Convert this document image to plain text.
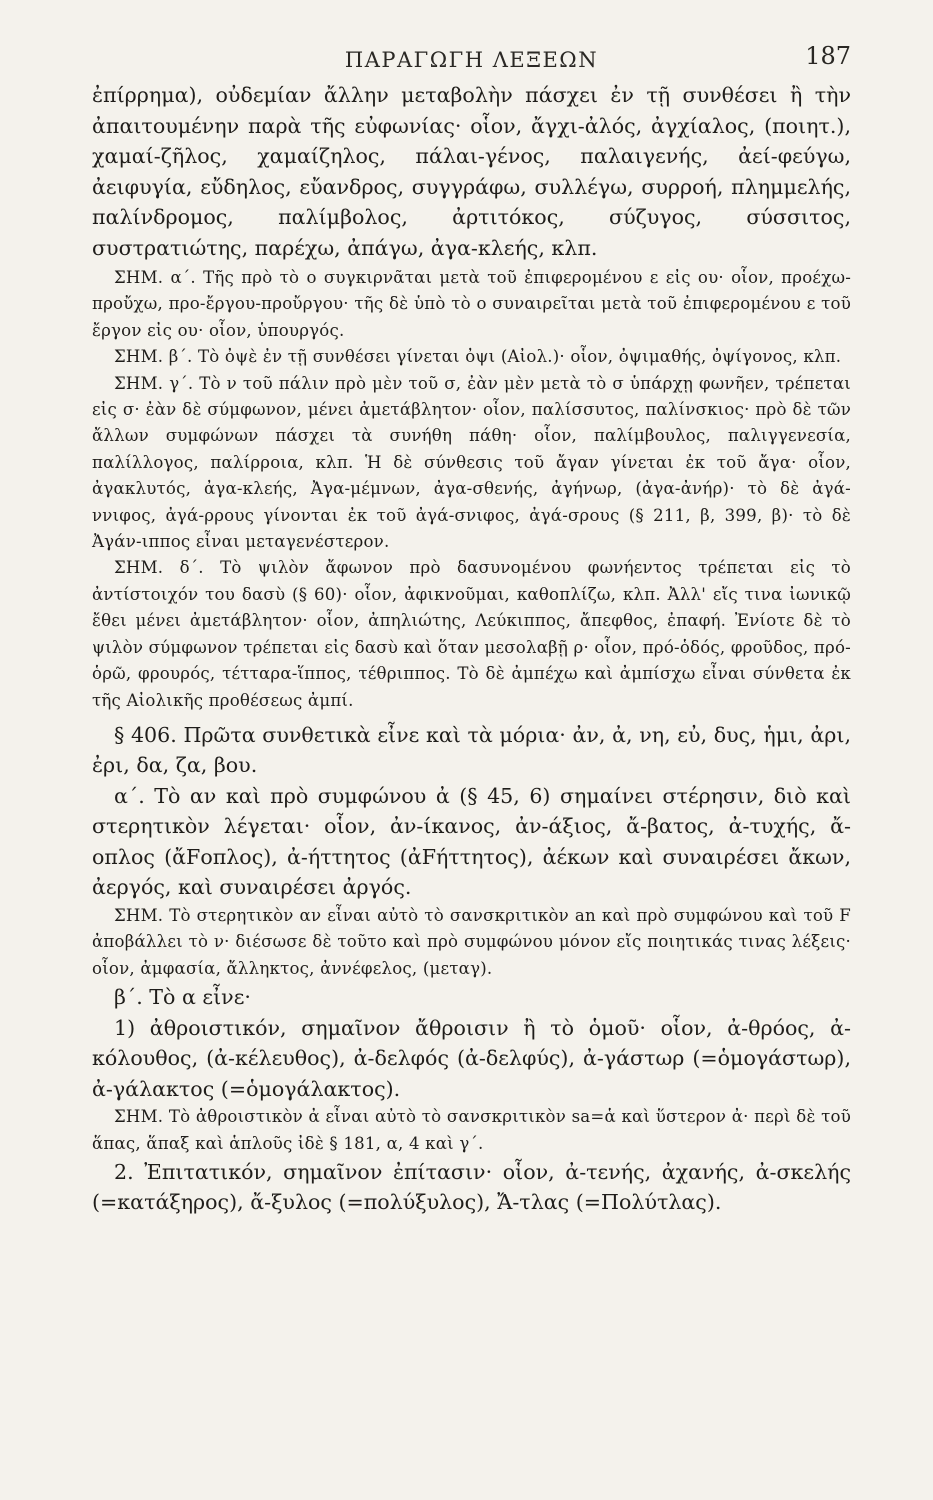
ΠΑΡΑΓΩΓΗ ΛΕΞΕΩΝ	187

ἐπίρρημα), οὐδεμίαν ἄλλην μεταβολὴν πάσχει ἐν τῇ συνθέσει ἢ τὴν ἀπαιτουμένην παρὰ τῆς εὐφωνίας· οἷον, ἄγχι-ἀλός, ἀγχίαλος, (ποιητ.), χαμαί-ζῆλος, χαμαίζηλος, πάλαι-γένος, παλαιγενής, ἀεί-φεύγω, ἀειφυγία, εὔδηλος, εὔανδρος, συγγράφω, συλλέγω, συρροή, πλημμελής, παλίνδρομος, παλίμβολος, ἀρτιτόκος, σύζυγος, σύσσιτος, συστρατιώτης, παρέχω, ἀπάγω, ἀγα-κλεής, κλπ.

ΣΗΜ. α΄. Τῆς πρὸ τὸ ο συγκιρνᾶται μετὰ τοῦ ἐπιφερομένου ε εἰς ου· οἷον, προέχω-προὔχω, προ-ἔργου-προὔργου· τῆς δὲ ὑπὸ τὸ ο συναιρεῖται μετὰ τοῦ ἐπιφερομένου ε τοῦ ἔργον εἰς ου· οἷον, ὑπουργός.

ΣΗΜ. β΄. Τὸ ὀψὲ ἐν τῇ συνθέσει γίνεται ὀψι (Αἰολ.)· οἷον, ὀψιμαθής, ὀψίγονος, κλπ.

ΣΗΜ. γ΄. Τὸ ν τοῦ πάλιν πρὸ μὲν τοῦ σ, ἐὰν μὲν μετὰ τὸ σ ὑπάρχῃ φωνῆεν, τρέπεται εἰς σ· ἐὰν δὲ σύμφωνον, μένει ἀμετάβλητον· οἷον, παλίσσυτος, παλίνσκιος· πρὸ δὲ τῶν ἄλλων συμφώνων πάσχει τὰ συνήθη πάθη· οἷον, παλίμβουλος, παλιγγενεσία, παλίλλογος, παλίρροια, κλπ. Ἡ δὲ σύνθεσις τοῦ ἄγαν γίνεται ἐκ τοῦ ἄγα· οἷον, ἀγακλυτός, ἀγα-κλεής, Ἀγα-μέμνων, ἀγα-σθενής, ἀγήνωρ, (ἀγα-ἀνήρ)· τὸ δὲ ἀγά-ννιφος, ἀγά-ρρους γίνονται ἐκ τοῦ ἀγά-σνιφος, ἀγά-σρους (§ 211, β, 399, β)· τὸ δὲ Ἀγάν-ιππος εἶναι μεταγενέστερον.

ΣΗΜ. δ΄. Τὸ ψιλὸν ἄφωνον πρὸ δασυνομένου φωνήεντος τρέπεται εἰς τὸ ἀντίστοιχόν του δασὺ (§ 60)· οἷον, ἀφικνοῦμαι, καθοπλίζω, κλπ. Ἀλλ' εἴς τινα ἰωνικῷ ἔθει μένει ἀμετάβλητον· οἷον, ἀπηλιώτης, Λεύκιππος, ἄπεφθος, ἐπαφή. Ἐνίοτε δὲ τὸ ψιλὸν σύμφωνον τρέπεται εἰς δασὺ καὶ ὅταν μεσολαβῇ ρ· οἷον, πρό-ὁδός, φροῦδος, πρό-ὁρῶ, φρουρός, τέτταρα-ἵππος, τέθριππος. Τὸ δὲ ἀμπέχω καὶ ἀμπίσχω εἶναι σύνθετα ἐκ τῆς Αἰολικῆς προθέσεως ἀμπί.

§ 406. Πρῶτα συνθετικὰ εἶνε καὶ τὰ μόρια· ἀν, ἀ, νη, εὐ, δυς, ἡμι, ἀρι, ἐρι, δα, ζα, βου.

α΄. Τὸ αν καὶ πρὸ συμφώνου ἀ (§ 45, 6) σημαίνει στέρησιν, διὸ καὶ στερητικὸν λέγεται· οἷον, ἀν-ίκανος, ἀν-άξιος, ἄ-βατος, ἀ-τυχής, ἄ-οπλος (ἄFοπλος), ἀ-ήττητος (ἀFήττητος), ἀέκων καὶ συναιρέσει ἄκων, ἀεργός, καὶ συναιρέσει ἀργός.

ΣΗΜ. Τὸ στερητικὸν αν εἶναι αὐτὸ τὸ σανσκριτικὸν an καὶ πρὸ συμφώνου καὶ τοῦ F ἀποβάλλει τὸ ν· διέσωσε δὲ τοῦτο καὶ πρὸ συμφώνου μόνον εἴς ποιητικάς τινας λέξεις· οἷον, ἀμφασία, ἄλληκτος, ἀννέφελος, (μεταγ).

β΄. Τὸ α εἶνε·

1) ἀθροιστικόν, σημαῖνον ἄθροισιν ἢ τὸ ὁμοῦ· οἷον, ἀ-θρόος, ἀ-κόλουθος, (ἀ-κέλευθος), ἀ-δελφός (ἀ-δελφύς), ἀ-γάστωρ (=ὁμογάστωρ), ἀ-γάλακτος (=ὁμογάλακτος).

ΣΗΜ. Τὸ ἀθροιστικὸν ἀ εἶναι αὐτὸ τὸ σανσκριτικὸν sa=ἁ καὶ ὕστερον ἀ· περὶ δὲ τοῦ ἅπας, ἅπαξ καὶ ἁπλοῦς ἰδὲ § 181, α, 4 καὶ γ΄.

2. Ἐπιτατικόν, σημαῖνον ἐπίτασιν· οἷον, ἀ-τενής, ἀχανής, ἀ-σκελής (=κατάξηρος), ἄ-ξυλος (=πολύξυλος), Ἄ-τλας (=Πολύτλας).
